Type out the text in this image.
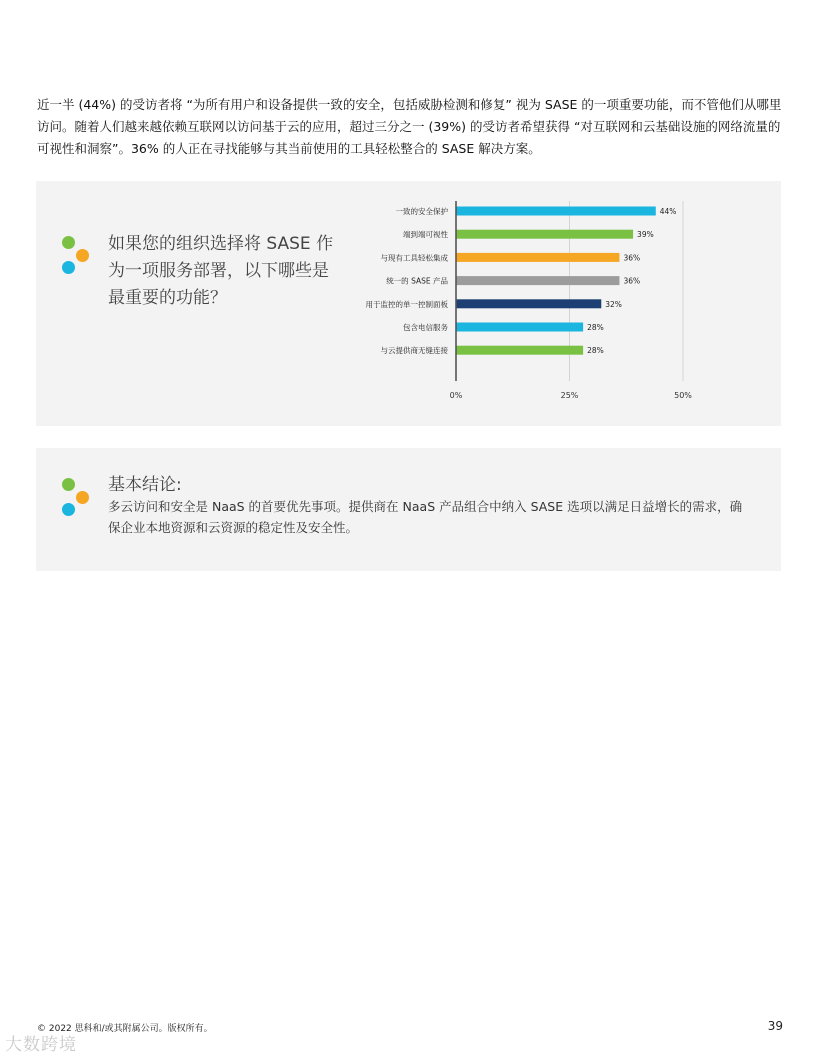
近一半 (44%) 的受访者将 “为所有用户和设备提供一致的安全，包括威胁检测和修复” 视为 SASE 的一项重要功能，而不管他们从哪里访问。随着人们越来越依赖互联网以访问基于云的应用，超过三分之一 (39%) 的受访者希望获得 “对互联网和云基础设施的网络流量的可视性和洞察”。36% 的人正在寻找能够与其当前使用的工具轻松整合的 SASE 解决方案。
如果您的组织选择将 SASE 作为一项服务部署，以下哪些是最重要的功能？
0%	25%	50%
一致的安全保护	44%
端到端可视性	39%
与现有工具轻松集成	36%
统一的 SASE 产品	36%
用于监控的单一控制面板	32%
包含电信服务	28%
与云提供商无缝连接	28%
基本结论:
多云访问和安全是 NaaS 的首要优先事项。提供商在 NaaS 产品组合中纳入 SASE 选项以满足日益增长的需求，确保企业本地资源和云资源的稳定性及安全性。
© 2022 思科和/或其附属公司。版权所有。	39
大数跨境
